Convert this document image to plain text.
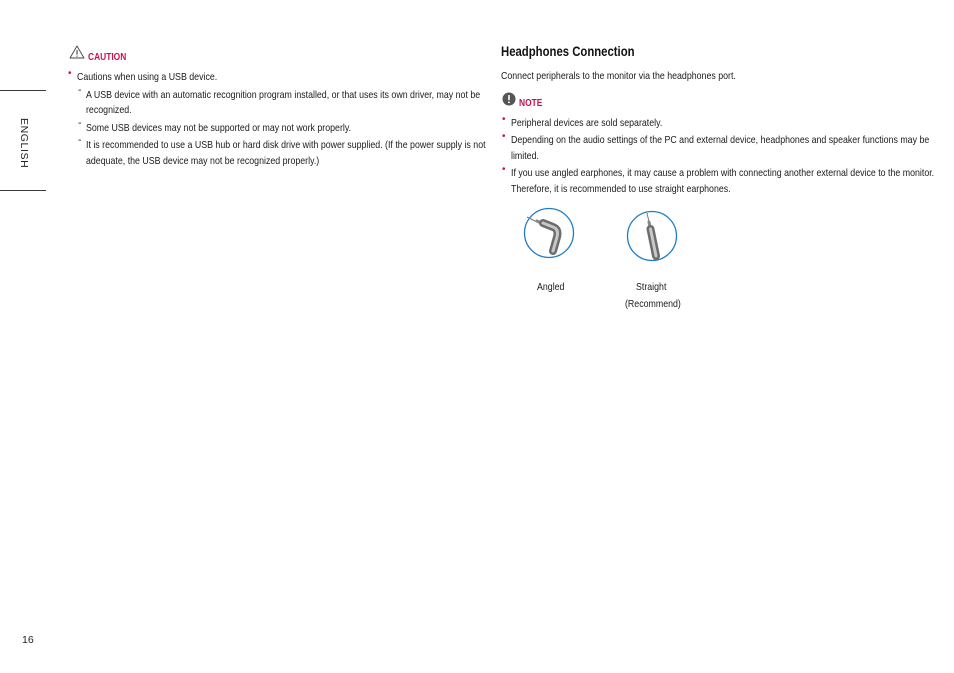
ENGLISH
16
CAUTION
• Cautions when using a USB device.
- A USB device with an automatic recognition program installed, or that uses its own driver, may not be
recognized.
- Some USB devices may not be supported or may not work properly.
- It is recommended to use a USB hub or hard disk drive with power supplied. (If the power supply is not
adequate, the USB device may not be recognized properly.)
Headphones Connection
Connect peripherals to the monitor via the headphones port.
NOTE
• Peripheral devices are sold separately.
• Depending on the audio settings of the PC and external device, headphones and speaker functions may be
limited.
• If you use angled earphones, it may cause a problem with connecting another external device to the monitor.
Therefore, it is recommended to use straight earphones.
Angled	Straight
(Recommend)
